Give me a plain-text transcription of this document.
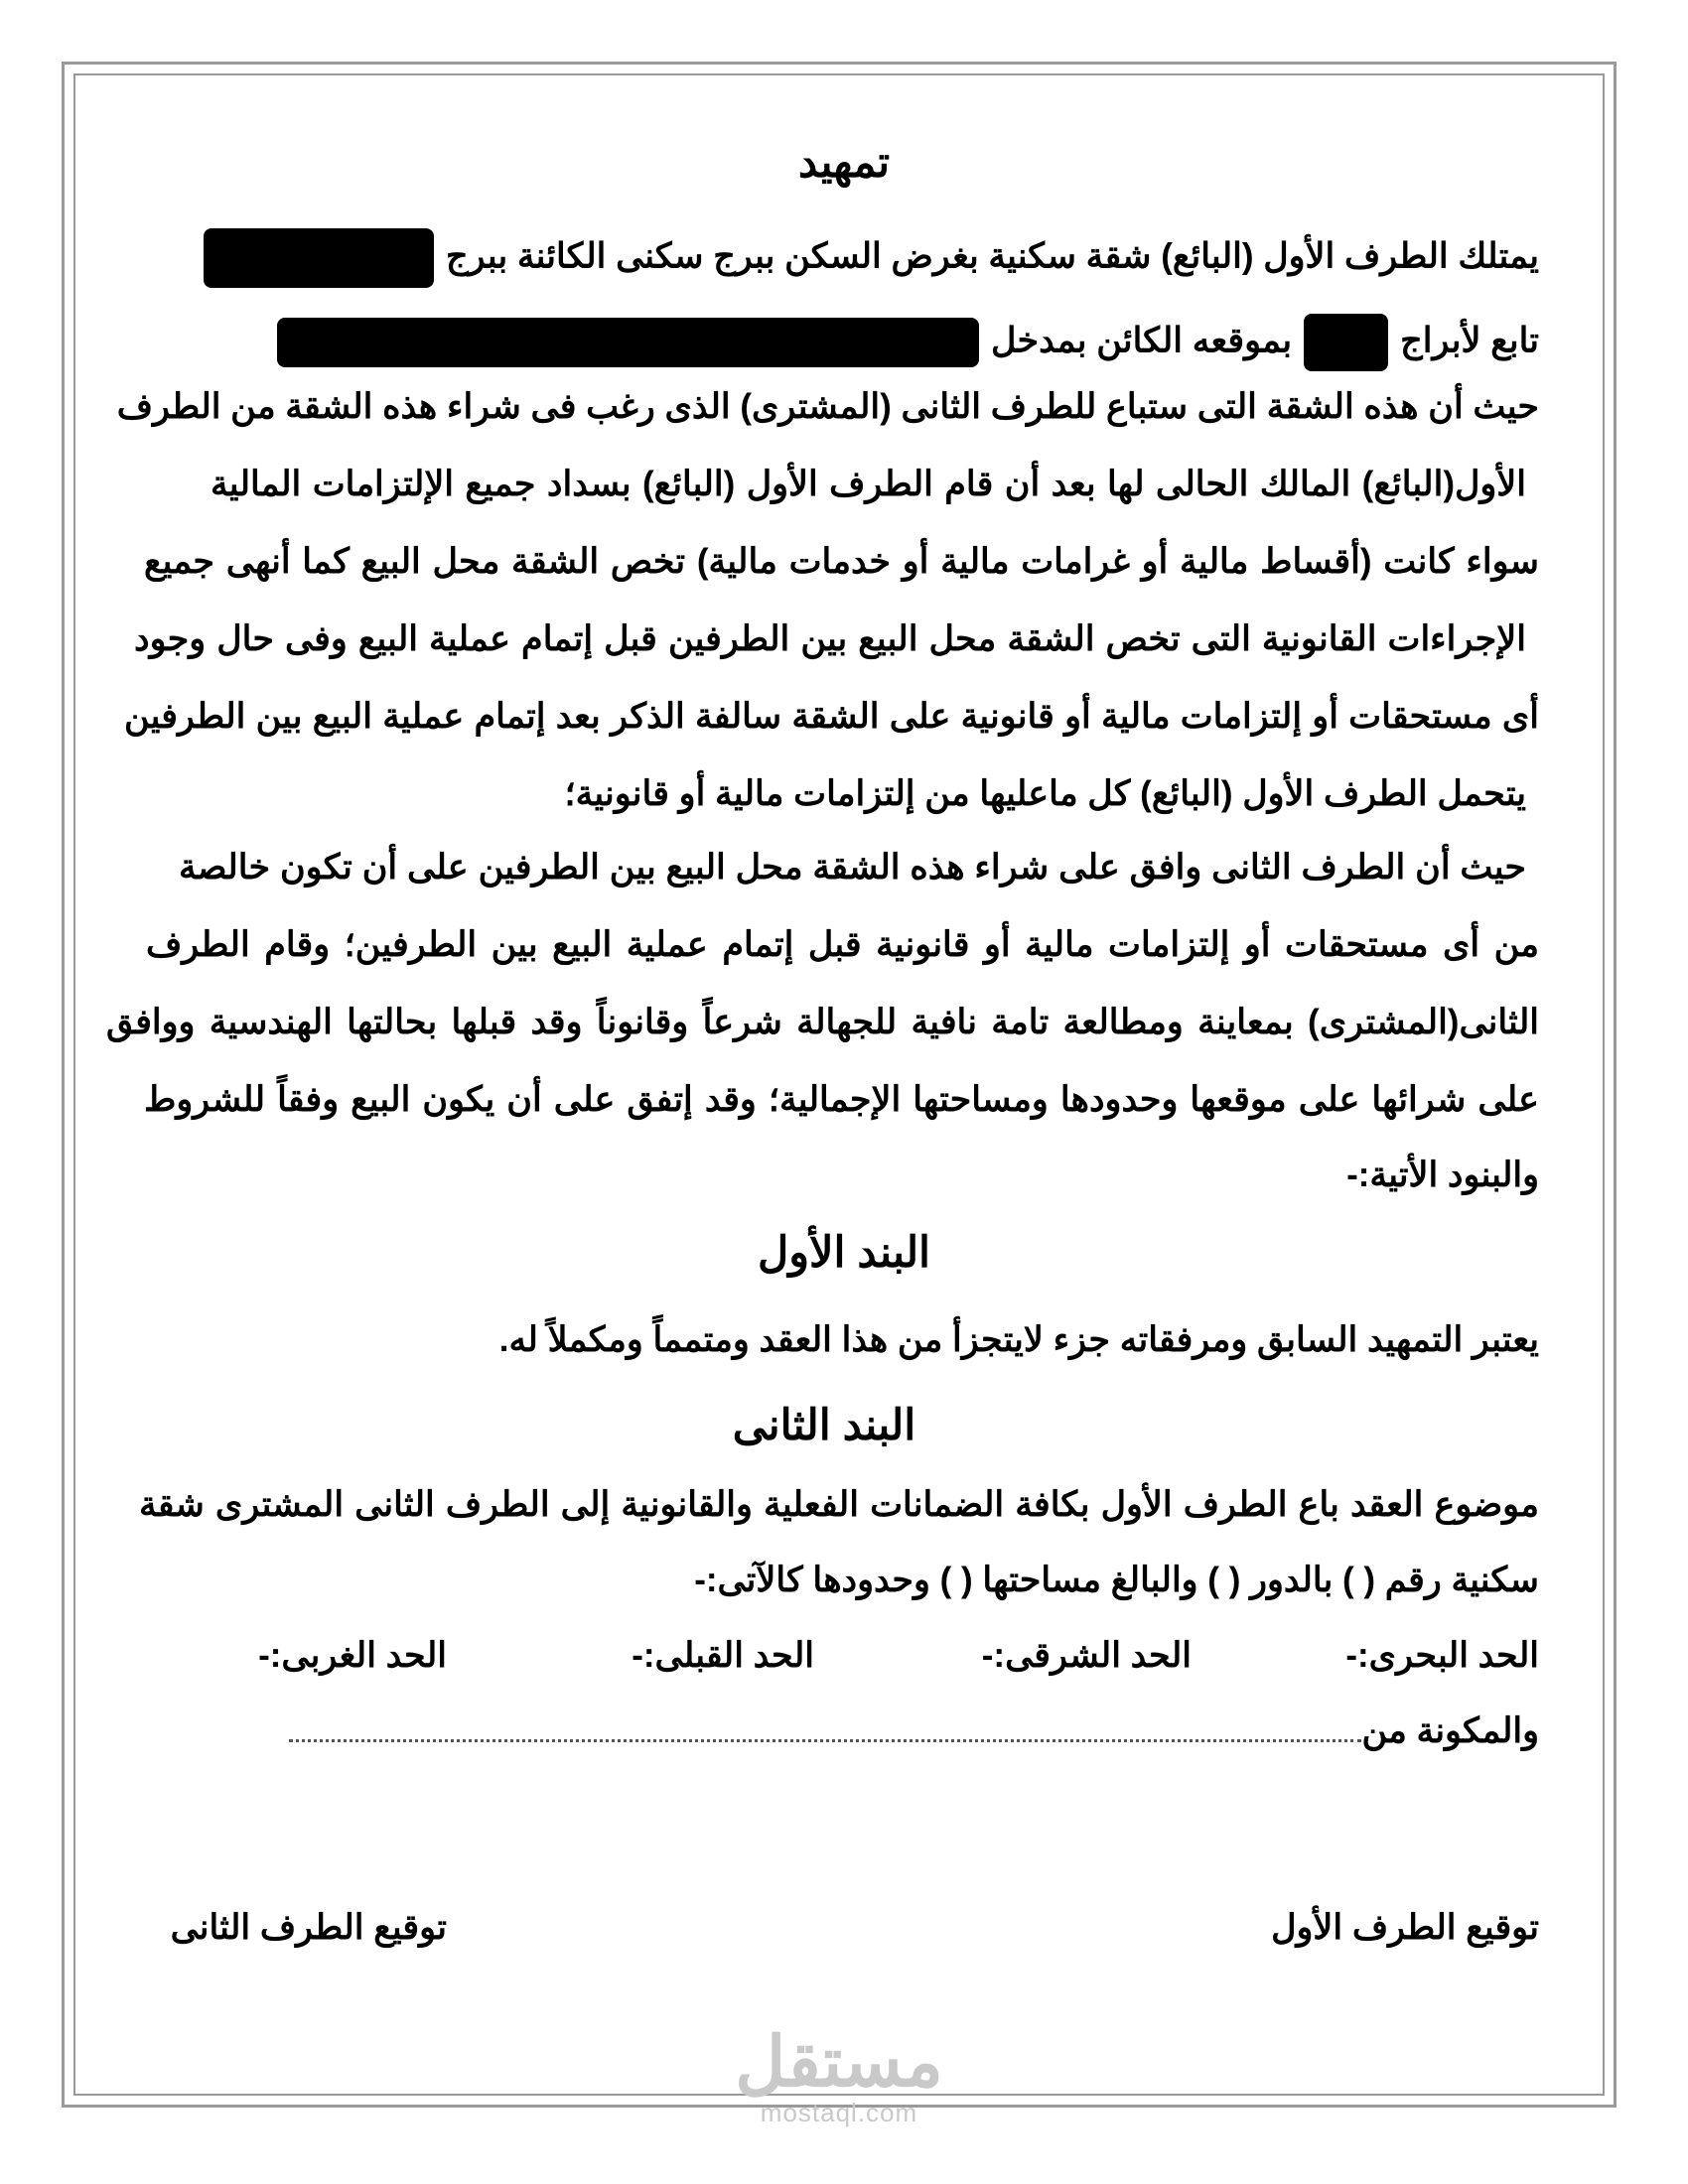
تمهيد
يمتلك الطرف الأول (البائع) شقة سكنية بغرض السكن ببرج سكنى الكائنة ببرج
تابع لأبراجبموقعه الكائن بمدخل
حيث أن هذه الشقة التى ستباع للطرف الثانى (المشترى) الذى رغب فى شراء هذه الشقة من الطرف
الأول(البائع) المالك الحالى لها بعد أن قام الطرف الأول (البائع) بسداد جميع الإلتزامات المالية
سواء كانت (أقساط مالية أو غرامات مالية أو خدمات مالية) تخص الشقة محل البيع كما أنهى جميع
الإجراءات القانونية التى تخص الشقة محل البيع بين الطرفين قبل إتمام عملية البيع وفى حال وجود
أى مستحقات أو إلتزامات مالية أو قانونية على الشقة سالفة الذكر بعد إتمام عملية البيع بين الطرفين
يتحمل الطرف الأول (البائع) كل ماعليها من إلتزامات مالية أو قانونية؛
حيث أن الطرف الثانى وافق على شراء هذه الشقة محل البيع بين الطرفين على أن تكون خالصة
من أى مستحقات أو إلتزامات مالية أو قانونية قبل إتمام عملية البيع بين الطرفين؛ وقام الطرف
الثانى(المشترى) بمعاينة ومطالعة تامة نافية للجهالة شرعاً وقانوناً وقد قبلها بحالتها الهندسية ووافق
على شرائها على موقعها وحدودها ومساحتها الإجمالية؛ وقد إتفق على أن يكون البيع وفقاً للشروط
والبنود الأتية:-
البند الأول
يعتبر التمهيد السابق ومرفقاته جزء لايتجزأ من هذا العقد ومتمماً ومكملاً له.
البند الثانى
موضوع العقد باع الطرف الأول بكافة الضمانات الفعلية والقانونية إلى الطرف الثانى المشترى شقة
سكنية رقم ( ) بالدور ( ) والبالغ مساحتها ( ) وحدودها كالآتى:-
الحد البحرى:-
الحد الشرقى:-
الحد القبلى:-
الحد الغربى:-
والمكونة من
توقيع الطرف الأول
توقيع الطرف الثانى
مستقل
mostaql.com
